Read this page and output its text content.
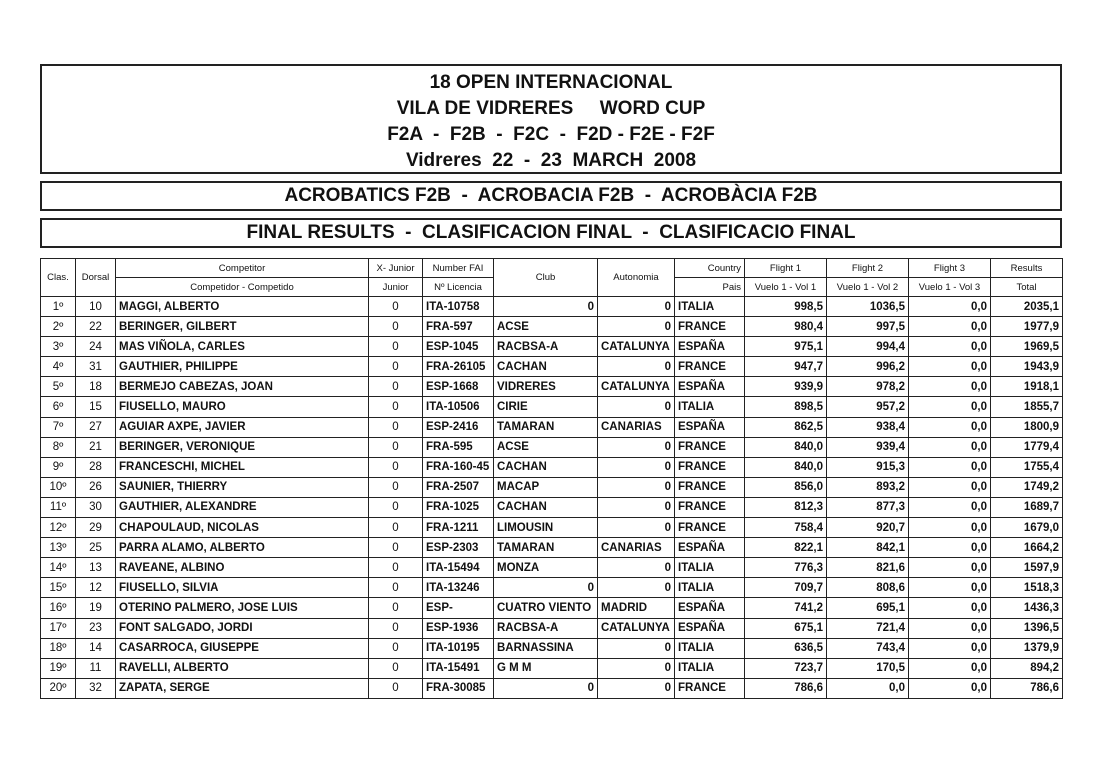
18 OPEN INTERNACIONAL
VILA DE VIDRERES     WORD CUP
F2A  -  F2B  -  F2C  -  F2D - F2E - F2F
Vidreres  22  -  23  MARCH  2008
ACROBATICS F2B  -  ACROBACIA F2B  -  ACROBÀCIA F2B
FINAL RESULTS  -  CLASIFICACION FINAL  -  CLASIFICACIO FINAL
Clas.	Dorsal	Competitor	X- Junior	Number FAI	Club	Autonomia	Country	Flight 1	Flight 2	Flight 3	Results
		Competidor - Competido	Junior	Nº Licencia			Pais	Vuelo 1 - Vol 1	Vuelo 1 - Vol 2	Vuelo 1 - Vol 3	Total
1º	10	MAGGI, ALBERTO	0	ITA-10758	0	0	ITALIA	998,5	1036,5	0,0	2035,1
2º	22	BERINGER, GILBERT	0	FRA-597	ACSE	0	FRANCE	980,4	997,5	0,0	1977,9
3º	24	MAS VIÑOLA, CARLES	0	ESP-1045	RACBSA-A	CATALUNYA	ESPAÑA	975,1	994,4	0,0	1969,5
4º	31	GAUTHIER, PHILIPPE	0	FRA-26105	CACHAN	0	FRANCE	947,7	996,2	0,0	1943,9
5º	18	BERMEJO CABEZAS, JOAN	0	ESP-1668	VIDRERES	CATALUNYA	ESPAÑA	939,9	978,2	0,0	1918,1
6º	15	FIUSELLO, MAURO	0	ITA-10506	CIRIE	0	ITALIA	898,5	957,2	0,0	1855,7
7º	27	AGUIAR AXPE, JAVIER	0	ESP-2416	TAMARAN	CANARIAS	ESPAÑA	862,5	938,4	0,0	1800,9
8º	21	BERINGER, VERONIQUE	0	FRA-595	ACSE	0	FRANCE	840,0	939,4	0,0	1779,4
9º	28	FRANCESCHI, MICHEL	0	FRA-160-45	CACHAN	0	FRANCE	840,0	915,3	0,0	1755,4
10º	26	SAUNIER, THIERRY	0	FRA-2507	MACAP	0	FRANCE	856,0	893,2	0,0	1749,2
11º	30	GAUTHIER, ALEXANDRE	0	FRA-1025	CACHAN	0	FRANCE	812,3	877,3	0,0	1689,7
12º	29	CHAPOULAUD, NICOLAS	0	FRA-1211	LIMOUSIN	0	FRANCE	758,4	920,7	0,0	1679,0
13º	25	PARRA ALAMO, ALBERTO	0	ESP-2303	TAMARAN	CANARIAS	ESPAÑA	822,1	842,1	0,0	1664,2
14º	13	RAVEANE, ALBINO	0	ITA-15494	MONZA	0	ITALIA	776,3	821,6	0,0	1597,9
15º	12	FIUSELLO, SILVIA	0	ITA-13246	0	0	ITALIA	709,7	808,6	0,0	1518,3
16º	19	OTERINO PALMERO, JOSE LUIS	0	ESP-	CUATRO VIENTO	MADRID	ESPAÑA	741,2	695,1	0,0	1436,3
17º	23	FONT SALGADO, JORDI	0	ESP-1936	RACBSA-A	CATALUNYA	ESPAÑA	675,1	721,4	0,0	1396,5
18º	14	CASARROCA, GIUSEPPE	0	ITA-10195	BARNASSINA	0	ITALIA	636,5	743,4	0,0	1379,9
19º	11	RAVELLI, ALBERTO	0	ITA-15491	G M M	0	ITALIA	723,7	170,5	0,0	894,2
20º	32	ZAPATA, SERGE	0	FRA-30085	0	0	FRANCE	786,6	0,0	0,0	786,6
